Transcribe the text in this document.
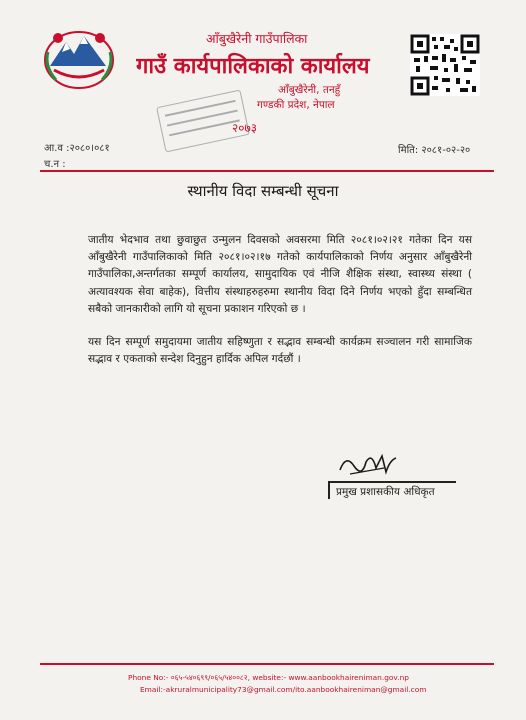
आँबुखैरेनी गाउँपालिका
गाउँ कार्यपालिकाको कार्यालय
आँबुखैरेनी, तनहुँ
गण्डकी प्रदेश, नेपाल
२०७३
आ.व :२०८०।०८१
च.न :
मिति: २०८१-०२-२०
स्थानीय विदा सम्बन्धी सूचना
जातीय भेदभाव तथा छुवाछुत उन्मुलन दिवसको अवसरमा मिति २०८१।०२।२१ गतेका दिन यस आँबुखैरेनी गाउँपालिकाको मिति २०८१।०२।१७ गतेको कार्यपालिकाको निर्णय अनुसार आँबुखैरेनी गाउँपालिका,अन्तर्गतका सम्पूर्ण कार्यालय, सामुदायिक एवं नीजि शैक्षिक संस्था, स्वास्थ्य संस्था ( अत्यावश्यक सेवा बाहेक), वित्तीय संस्थाहरुहरुमा स्थानीय विदा दिने निर्णय भएको हुँदा सम्बन्धित सबैको जानकारीको लागि यो सूचना प्रकाशन गरिएको छ ।
यस दिन सम्पूर्ण समुदायमा जातीय सहिष्णुता र सद्भाव सम्बन्धी कार्यक्रम सञ्चालन गरी सामाजिक सद्भाव र एकताको सन्देश दिनुहुन हार्दिक अपिल गर्दछौं ।
प्रमुख प्रशासकीय अधिकृत
Phone No:- ०६५-५४०६९९/०६५/५४००८२, website:- www.aanbookhaireniman.gov.np
Email:-akruralmunicipality73@gmail.com/ito.aanbookhaireniman@gmail.com
